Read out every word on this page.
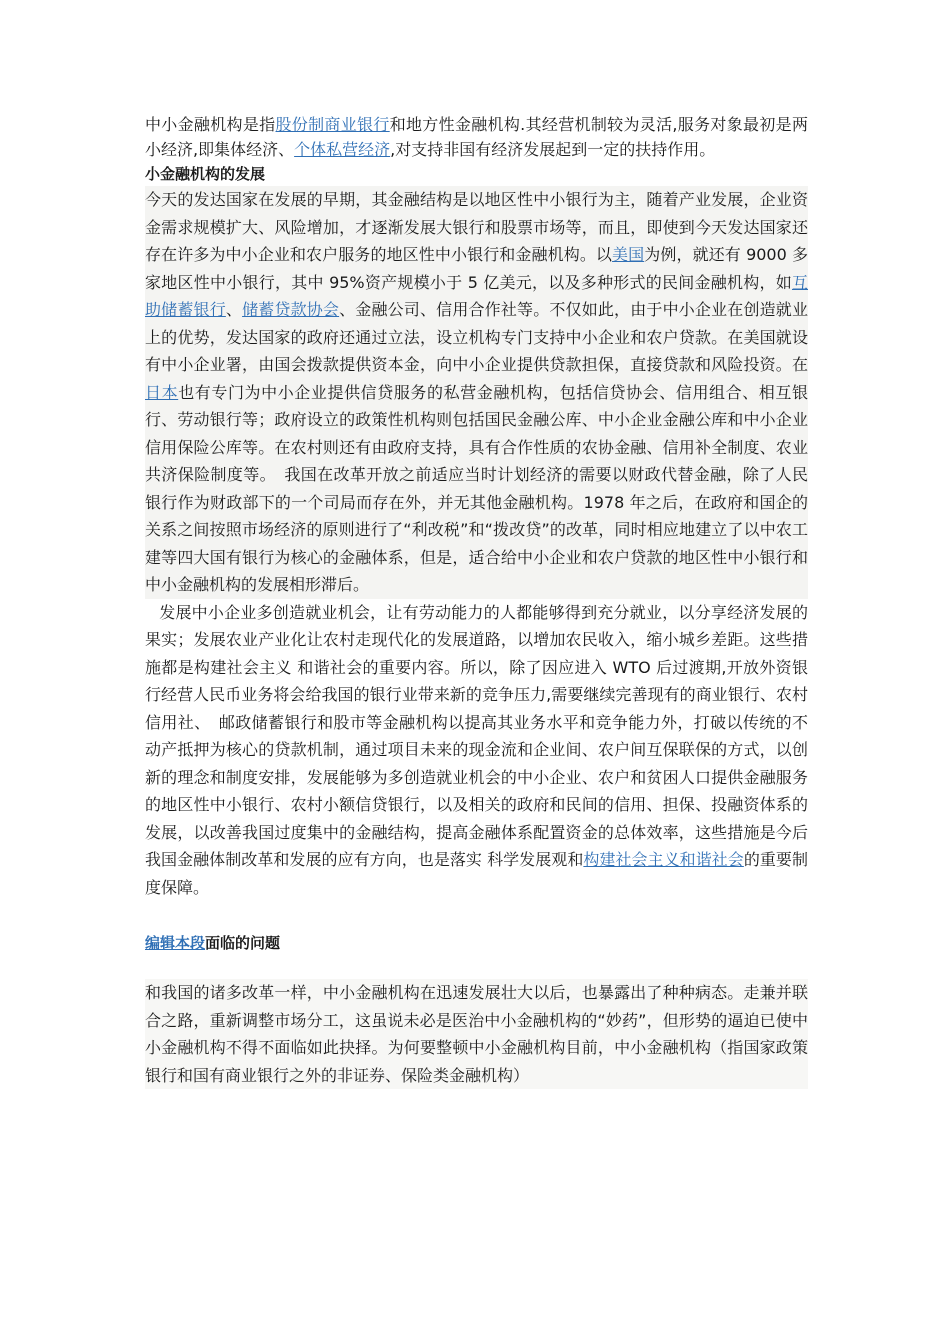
中小金融机构是指股份制商业银行和地方性金融机构.其经营机制较为灵活,服务对象最初是两小经济,即集体经济、个体私营经济,对支持非国有经济发展起到一定的扶持作用。

小金融机构的发展

今天的发达国家在发展的早期，其金融结构是以地区性中小银行为主，随着产业发展，企业资金需求规模扩大、风险增加，才逐渐发展大银行和股票市场等，而且，即使到今天发达国家还存在许多为中小企业和农户服务的地区性中小银行和金融机构。以美国为例，就还有 9000 多家地区性中小银行，其中 95%资产规模小于 5 亿美元，以及多种形式的民间金融机构，如互助储蓄银行、储蓄贷款协会、金融公司、信用合作社等。不仅如此，由于中小企业在创造就业上的优势，发达国家的政府还通过立法，设立机构专门支持中小企业和农户贷款。在美国就设有中小企业署，由国会拨款提供资本金，向中小企业提供贷款担保，直接贷款和风险投资。在日本也有专门为中小企业提供信贷服务的私营金融机构，包括信贷协会、信用组合、相互银行、劳动银行等；政府设立的政策性机构则包括国民金融公库、中小企业金融公库和中小企业信用保险公库等。在农村则还有由政府支持，具有合作性质的农协金融、信用补全制度、农业共济保险制度等。　我国在改革开放之前适应当时计划经济的需要以财政代替金融，除了人民银行作为财政部下的一个司局而存在外，并无其他金融机构。1978 年之后，在政府和国企的关系之间按照市场经济的原则进行了“利改税”和“拨改贷”的改革，同时相应地建立了以中农工建等四大国有银行为核心的金融体系，但是，适合给中小企业和农户贷款的地区性中小银行和中小金融机构的发展相形滞后。

发展中小企业多创造就业机会，让有劳动能力的人都能够得到充分就业，以分享经济发展的果实；发展农业产业化让农村走现代化的发展道路，以增加农民收入，缩小城乡差距。这些措施都是构建社会主义 和谐社会的重要内容。所以，除了因应进入 WTO 后过渡期,开放外资银行经营人民币业务将会给我国的银行业带来新的竞争压力,需要继续完善现有的商业银行、农村信用社、　邮政储蓄银行和股市等金融机构以提高其业务水平和竞争能力外，打破以传统的不动产抵押为核心的贷款机制，通过项目未来的现金流和企业间、农户间互保联保的方式，以创新的理念和制度安排，发展能够为多创造就业机会的中小企业、农户和贫困人口提供金融服务的地区性中小银行、农村小额信贷银行，以及相关的政府和民间的信用、担保、投融资体系的发展，以改善我国过度集中的金融结构，提高金融体系配置资金的总体效率，这些措施是今后我国金融体制改革和发展的应有方向，也是落实 科学发展观和构建社会主义和谐社会的重要制度保障。

编辑本段面临的问题

和我国的诸多改革一样，中小金融机构在迅速发展壮大以后，也暴露出了种种病态。走兼并联合之路，重新调整市场分工，这虽说未必是医治中小金融机构的“妙药”，但形势的逼迫已使中小金融机构不得不面临如此抉择。为何要整顿中小金融机构目前，中小金融机构（指国家政策银行和国有商业银行之外的非证券、保险类金融机构）
